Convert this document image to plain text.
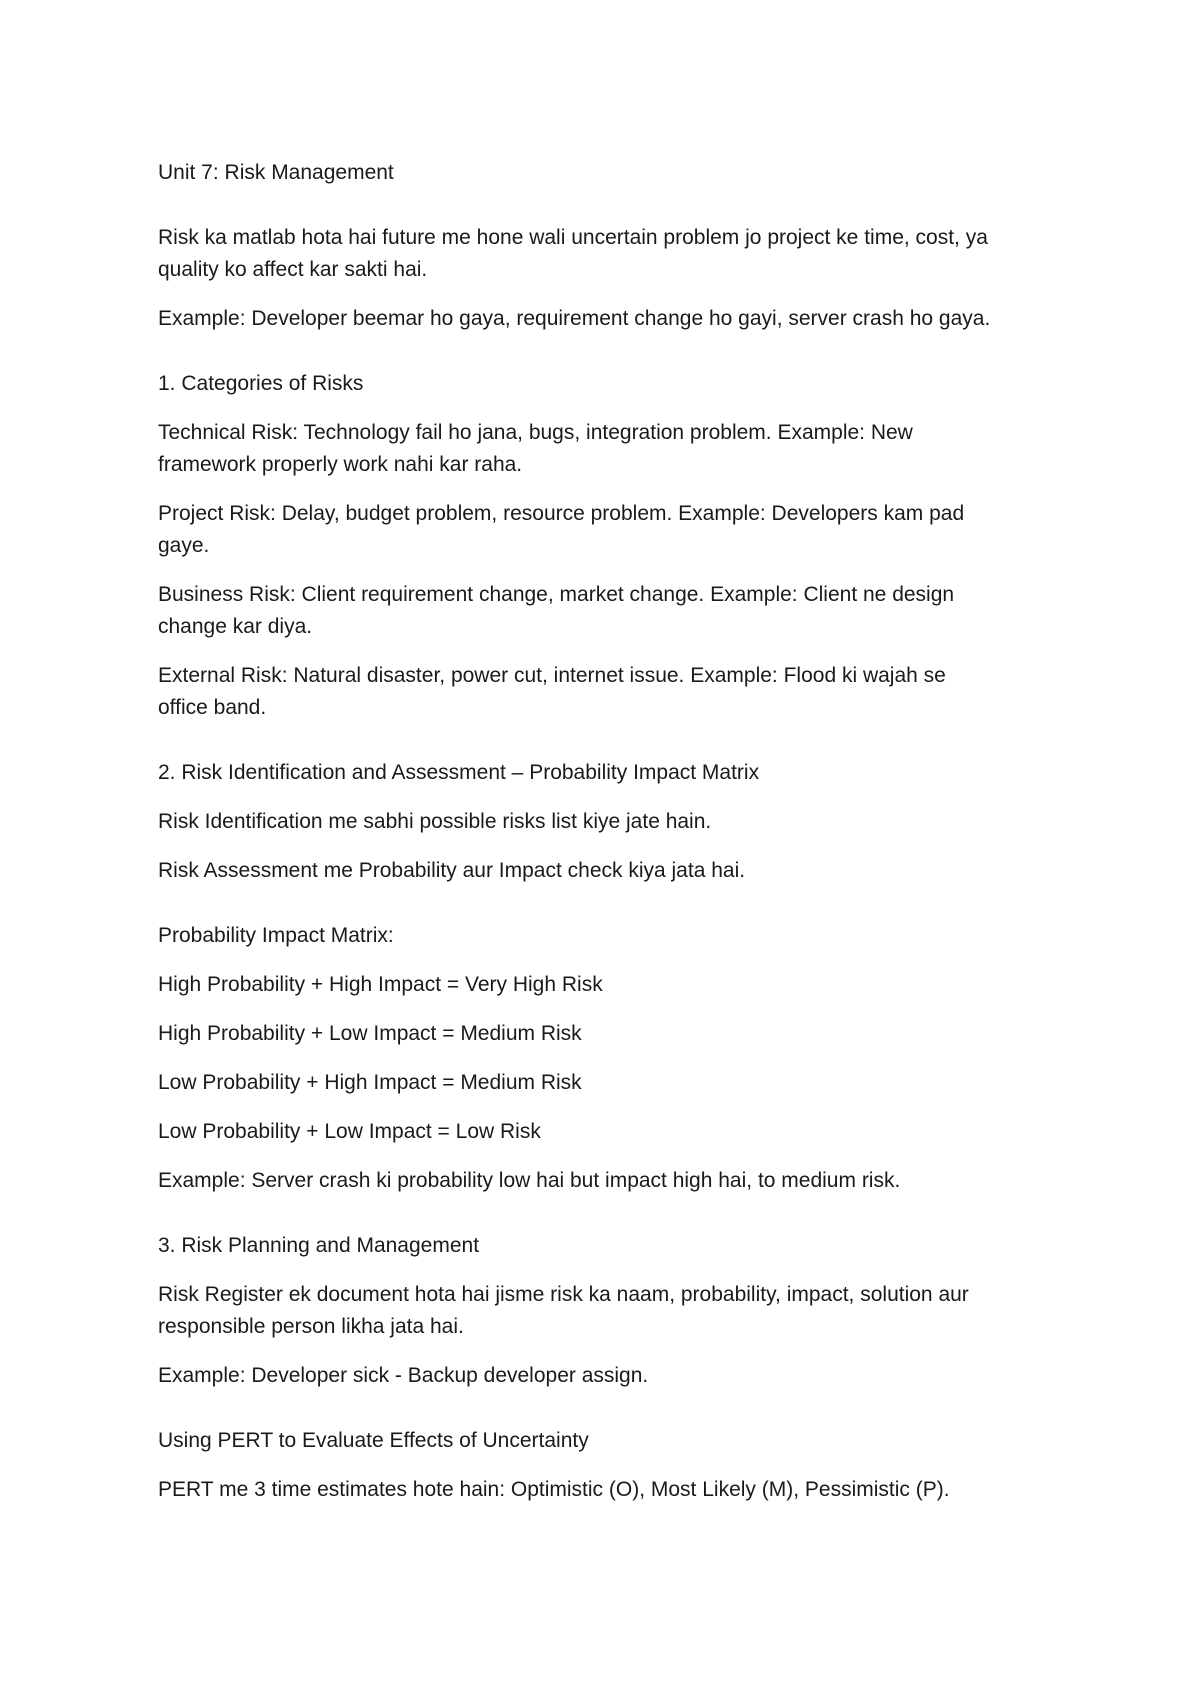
Unit 7: Risk Management

Risk ka matlab hota hai future me hone wali uncertain problem jo project ke time, cost, ya

quality ko affect kar sakti hai.

Example: Developer beemar ho gaya, requirement change ho gayi, server crash ho gaya.

1. Categories of Risks

Technical Risk: Technology fail ho jana, bugs, integration problem. Example: New

framework properly work nahi kar raha.

Project Risk: Delay, budget problem, resource problem. Example: Developers kam pad

gaye.

Business Risk: Client requirement change, market change. Example: Client ne design

change kar diya.

External Risk: Natural disaster, power cut, internet issue. Example: Flood ki wajah se

office band.

2. Risk Identification and Assessment – Probability Impact Matrix

Risk Identification me sabhi possible risks list kiye jate hain.

Risk Assessment me Probability aur Impact check kiya jata hai.

Probability Impact Matrix:

High Probability + High Impact = Very High Risk

High Probability + Low Impact = Medium Risk

Low Probability + High Impact = Medium Risk

Low Probability + Low Impact = Low Risk

Example: Server crash ki probability low hai but impact high hai, to medium risk.

3. Risk Planning and Management

Risk Register ek document hota hai jisme risk ka naam, probability, impact, solution aur

responsible person likha jata hai.

Example: Developer sick - Backup developer assign.

Using PERT to Evaluate Effects of Uncertainty

PERT me 3 time estimates hote hain: Optimistic (O), Most Likely (M), Pessimistic (P).
